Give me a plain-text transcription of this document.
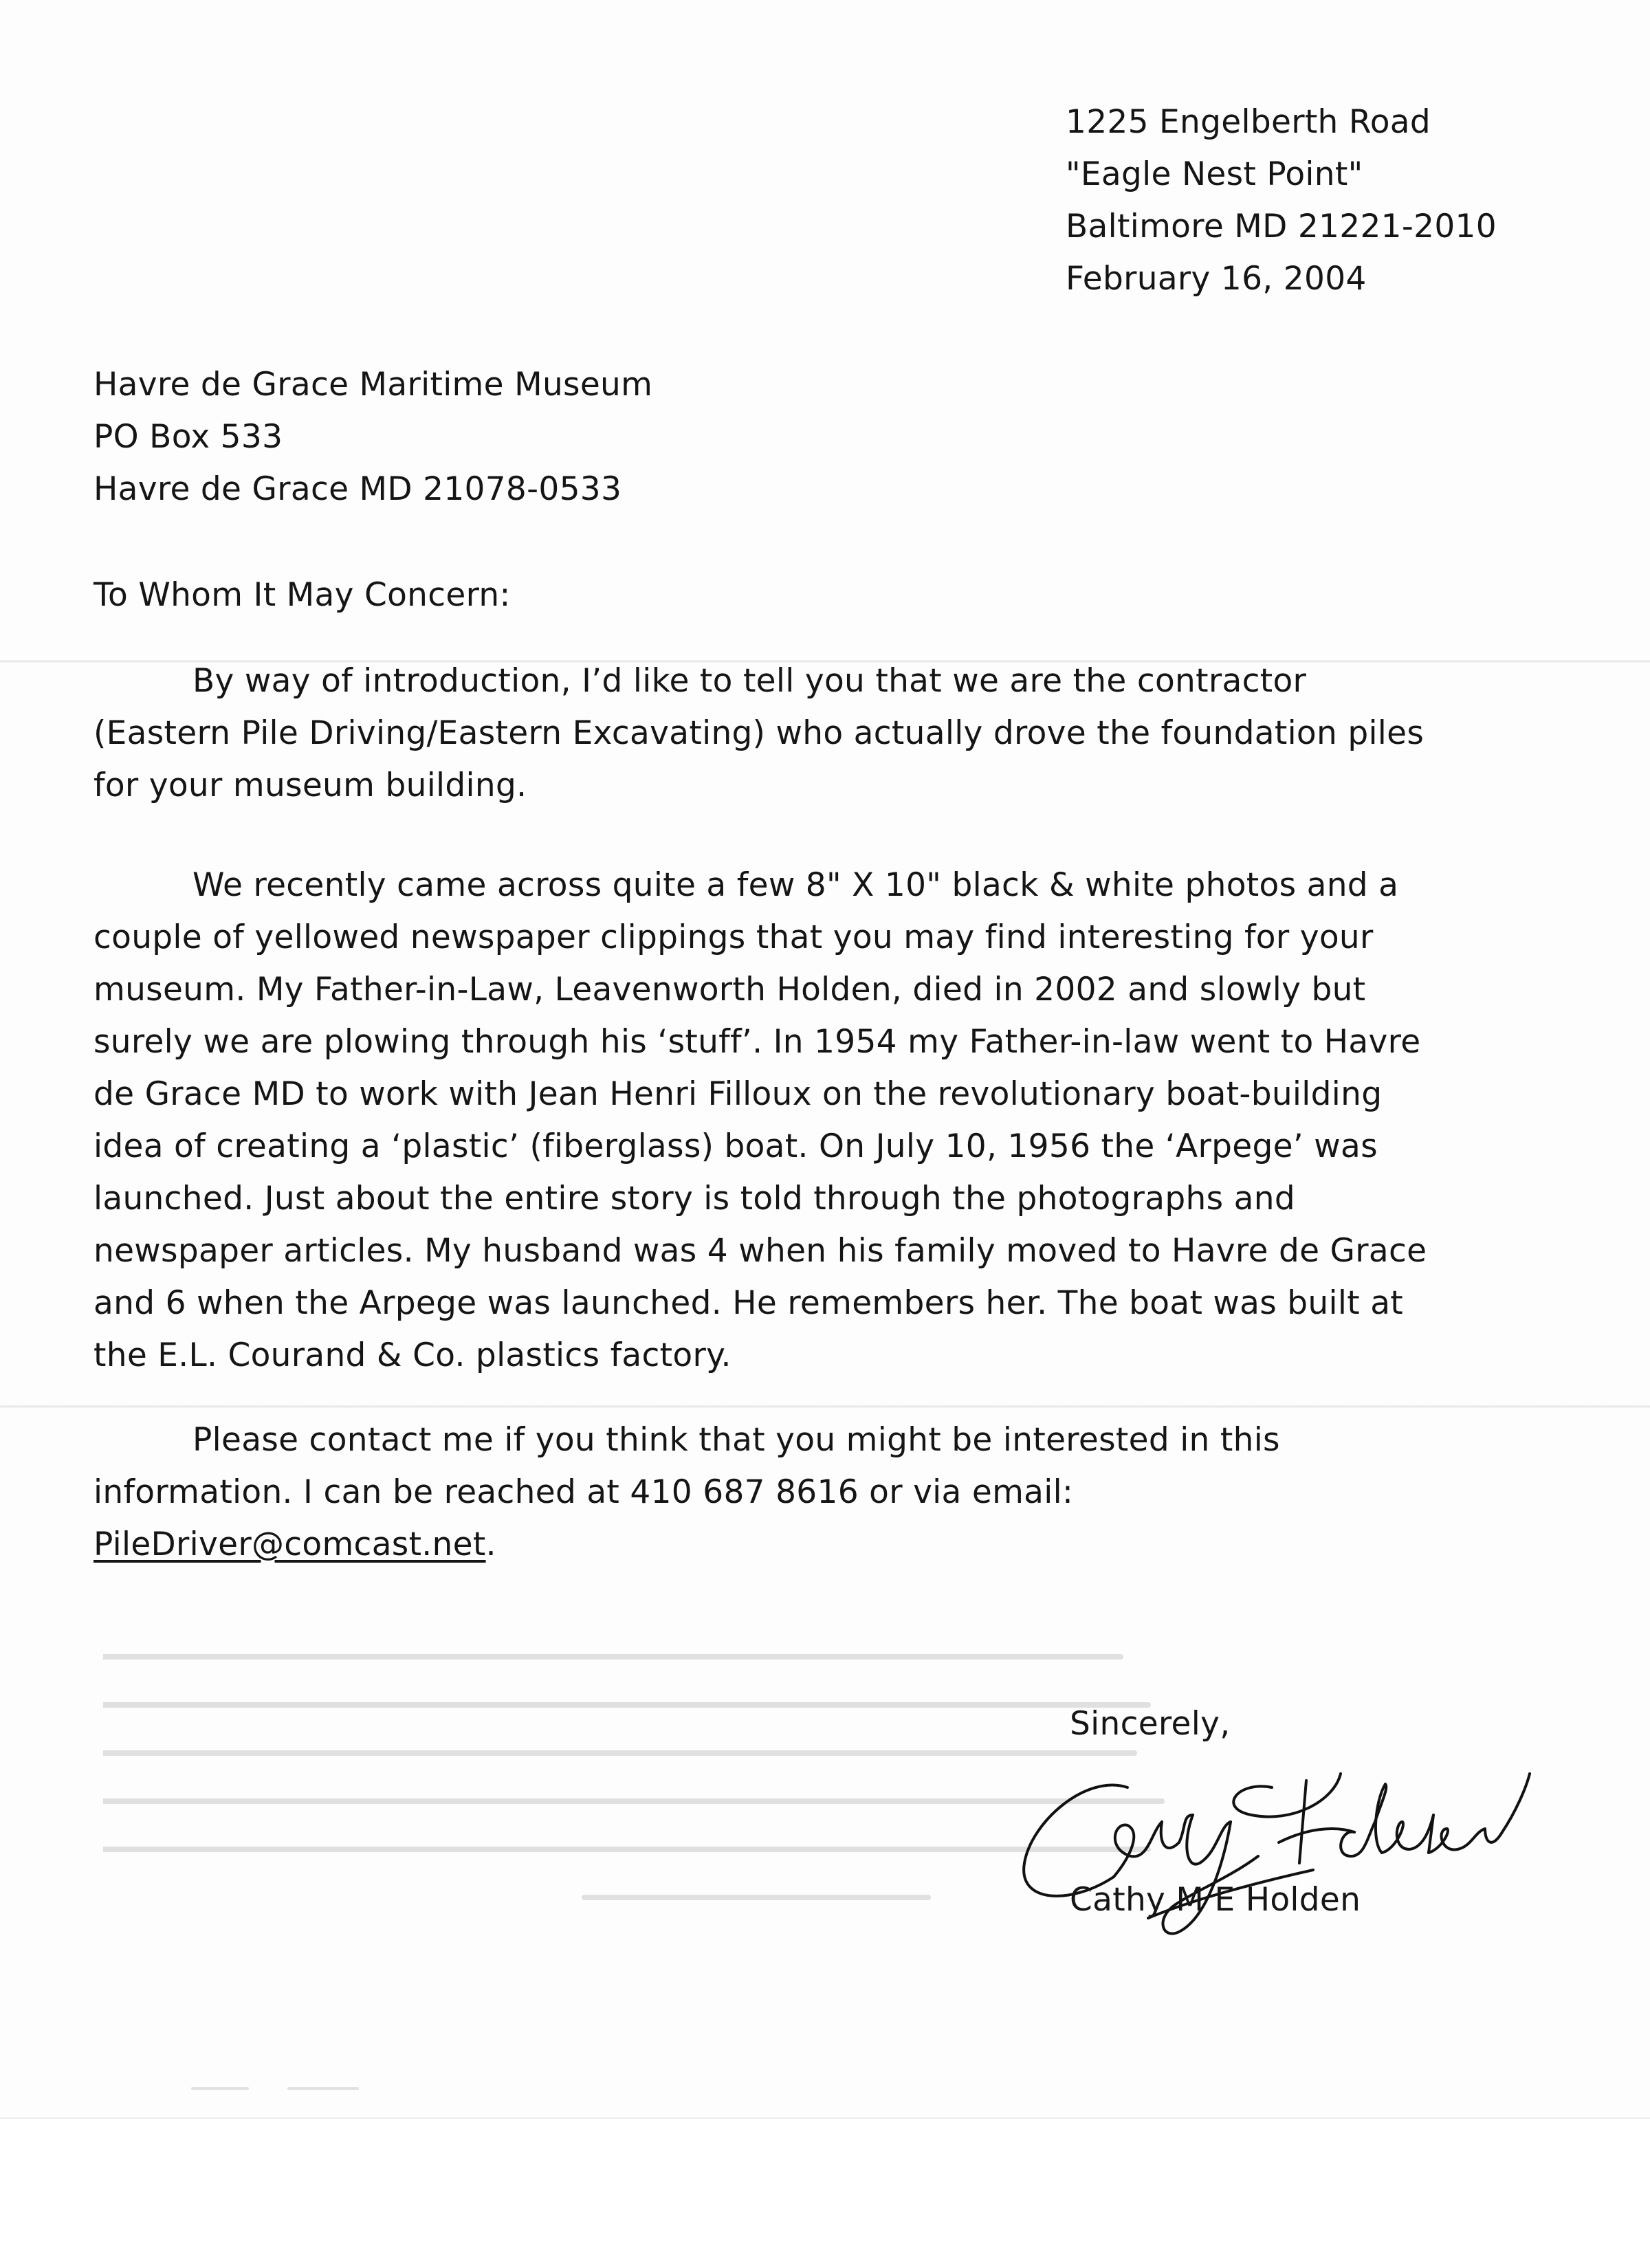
1225 Engelberth Road
"Eagle Nest Point"
Baltimore MD 21221-2010
February 16, 2004
Havre de Grace Maritime Museum
PO Box 533
Havre de Grace MD 21078-0533
To Whom It May Concern:
By way of introduction, I’d like to tell you that we are the contractor
(Eastern Pile Driving/Eastern Excavating) who actually drove the foundation piles
for your museum building.
We recently came across quite a few 8" X 10" black & white photos and a
couple of yellowed newspaper clippings that you may find interesting for your
museum. My Father-in-Law, Leavenworth Holden, died in 2002 and slowly but
surely we are plowing through his ‘stuff’. In 1954 my Father-in-law went to Havre
de Grace MD to work with Jean Henri Filloux on the revolutionary boat-building
idea of creating a ‘plastic’ (fiberglass) boat. On July 10, 1956 the ‘Arpege’ was
launched. Just about the entire story is told through the photographs and
newspaper articles. My husband was 4 when his family moved to Havre de Grace
and 6 when the Arpege was launched. He remembers her. The boat was built at
the E.L. Courand & Co. plastics factory.
Please contact me if you think that you might be interested in this
information. I can be reached at 410 687 8616 or via email:
PileDriver@comcast.net.
Sincerely,
Cathy M E Holden
